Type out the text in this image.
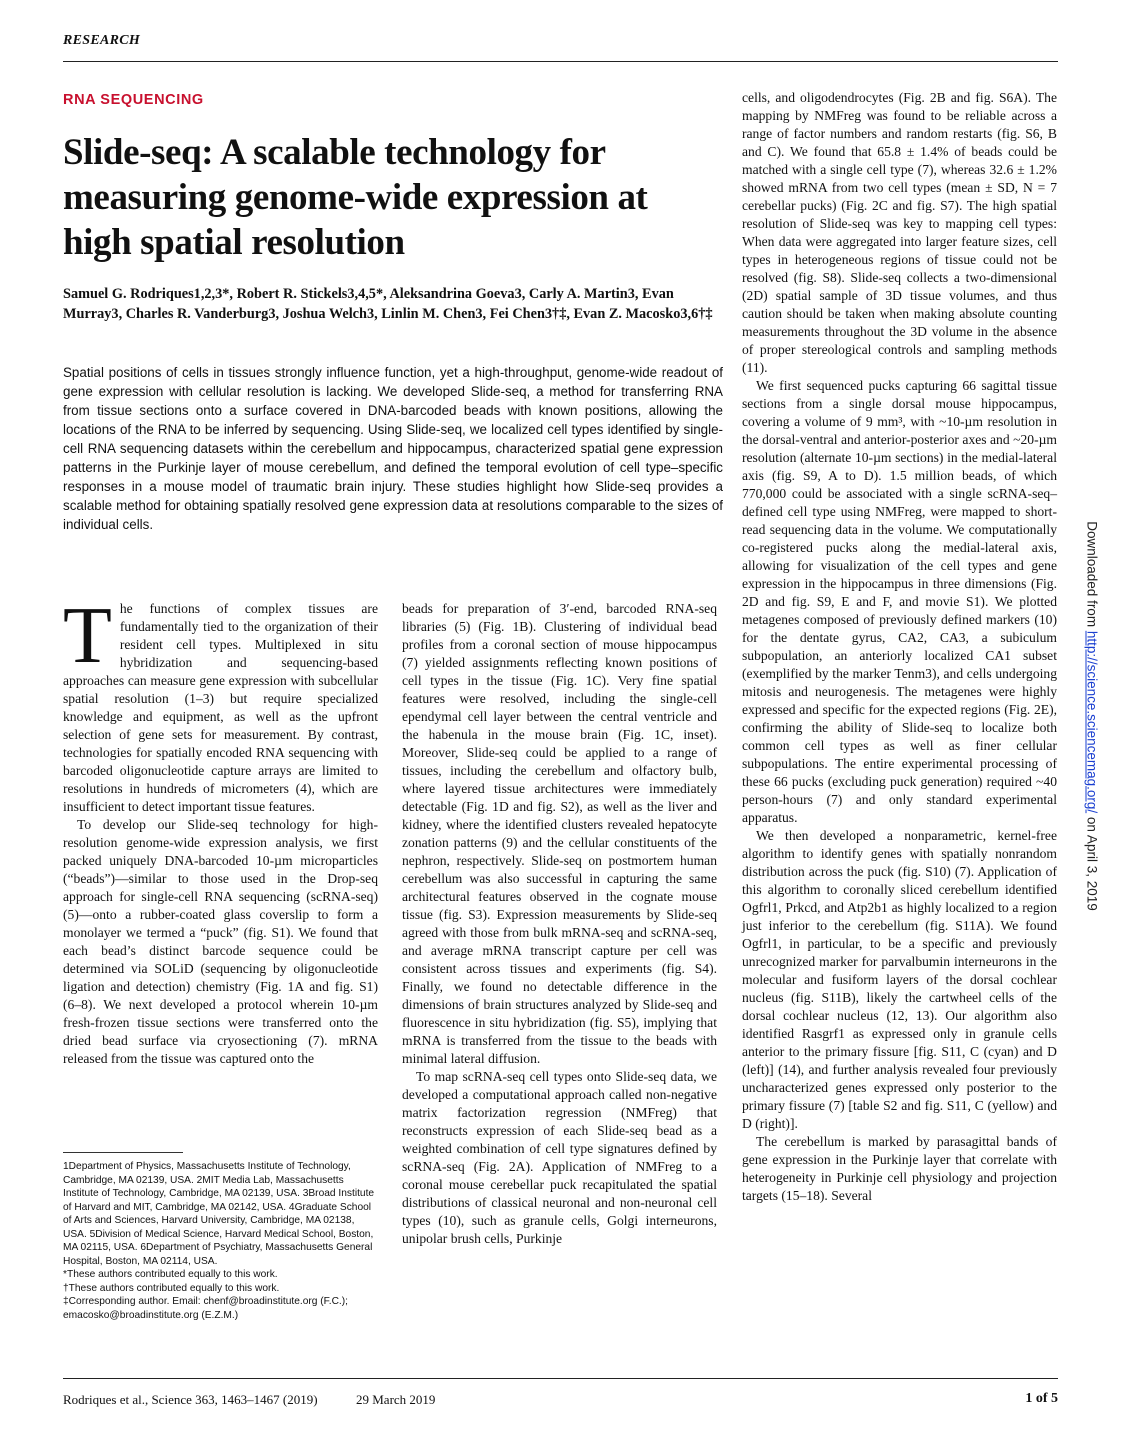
RESEARCH
RNA SEQUENCING
Slide-seq: A scalable technology for measuring genome-wide expression at high spatial resolution
Samuel G. Rodriques1,2,3*, Robert R. Stickels3,4,5*, Aleksandrina Goeva3, Carly A. Martin3, Evan Murray3, Charles R. Vanderburg3, Joshua Welch3, Linlin M. Chen3, Fei Chen3†‡, Evan Z. Macosko3,6†‡
Spatial positions of cells in tissues strongly influence function, yet a high-throughput, genome-wide readout of gene expression with cellular resolution is lacking. We developed Slide-seq, a method for transferring RNA from tissue sections onto a surface covered in DNA-barcoded beads with known positions, allowing the locations of the RNA to be inferred by sequencing. Using Slide-seq, we localized cell types identified by single-cell RNA sequencing datasets within the cerebellum and hippocampus, characterized spatial gene expression patterns in the Purkinje layer of mouse cerebellum, and defined the temporal evolution of cell type–specific responses in a mouse model of traumatic brain injury. These studies highlight how Slide-seq provides a scalable method for obtaining spatially resolved gene expression data at resolutions comparable to the sizes of individual cells.

The functions of complex tissues are fundamentally tied to the organization of their resident cell types. Multiplexed in situ hybridization and sequencing-based approaches can measure gene expression with subcellular spatial resolution (1–3) but require specialized knowledge and equipment, as well as the upfront selection of gene sets for measurement. By contrast, technologies for spatially encoded RNA sequencing with barcoded oligonucleotide capture arrays are limited to resolutions in hundreds of micrometers (4), which are insufficient to detect important tissue features.

To develop our Slide-seq technology for high-resolution genome-wide expression analysis, we first packed uniquely DNA-barcoded 10-µm microparticles (“beads”)—similar to those used in the Drop-seq approach for single-cell RNA sequencing (scRNA-seq) (5)—onto a rubber-coated glass coverslip to form a monolayer we termed a “puck” (fig. S1). We found that each bead’s distinct barcode sequence could be determined via SOLiD (sequencing by oligonucleotide ligation and detection) chemistry (Fig. 1A and fig. S1) (6–8). We next developed a protocol wherein 10-µm fresh-frozen tissue sections were transferred onto the dried bead surface via cryosectioning (7). mRNA released from the tissue was captured onto the

beads for preparation of 3′-end, barcoded RNA-seq libraries (5) (Fig. 1B). Clustering of individual bead profiles from a coronal section of mouse hippocampus (7) yielded assignments reflecting known positions of cell types in the tissue (Fig. 1C). Very fine spatial features were resolved, including the single-cell ependymal cell layer between the central ventricle and the habenula in the mouse brain (Fig. 1C, inset). Moreover, Slide-seq could be applied to a range of tissues, including the cerebellum and olfactory bulb, where layered tissue architectures were immediately detectable (Fig. 1D and fig. S2), as well as the liver and kidney, where the identified clusters revealed hepatocyte zonation patterns (9) and the cellular constituents of the nephron, respectively. Slide-seq on postmortem human cerebellum was also successful in capturing the same architectural features observed in the cognate mouse tissue (fig. S3). Expression measurements by Slide-seq agreed with those from bulk mRNA-seq and scRNA-seq, and average mRNA transcript capture per cell was consistent across tissues and experiments (fig. S4). Finally, we found no detectable difference in the dimensions of brain structures analyzed by Slide-seq and fluorescence in situ hybridization (fig. S5), implying that mRNA is transferred from the tissue to the beads with minimal lateral diffusion.

To map scRNA-seq cell types onto Slide-seq data, we developed a computational approach called non-negative matrix factorization regression (NMFreg) that reconstructs expression of each Slide-seq bead as a weighted combination of cell type signatures defined by scRNA-seq (Fig. 2A). Application of NMFreg to a coronal mouse cerebellar puck recapitulated the spatial distributions of classical neuronal and non-neuronal cell types (10), such as granule cells, Golgi interneurons, unipolar brush cells, Purkinje

cells, and oligodendrocytes (Fig. 2B and fig. S6A). The mapping by NMFreg was found to be reliable across a range of factor numbers and random restarts (fig. S6, B and C). We found that 65.8 ± 1.4% of beads could be matched with a single cell type (7), whereas 32.6 ± 1.2% showed mRNA from two cell types (mean ± SD, N = 7 cerebellar pucks) (Fig. 2C and fig. S7). The high spatial resolution of Slide-seq was key to mapping cell types: When data were aggregated into larger feature sizes, cell types in heterogeneous regions of tissue could not be resolved (fig. S8). Slide-seq collects a two-dimensional (2D) spatial sample of 3D tissue volumes, and thus caution should be taken when making absolute counting measurements throughout the 3D volume in the absence of proper stereological controls and sampling methods (11).

We first sequenced pucks capturing 66 sagittal tissue sections from a single dorsal mouse hippocampus, covering a volume of 9 mm³, with ~10-µm resolution in the dorsal-ventral and anterior-posterior axes and ~20-µm resolution (alternate 10-µm sections) in the medial-lateral axis (fig. S9, A to D). 1.5 million beads, of which 770,000 could be associated with a single scRNA-seq–defined cell type using NMFreg, were mapped to short-read sequencing data in the volume. We computationally co-registered pucks along the medial-lateral axis, allowing for visualization of the cell types and gene expression in the hippocampus in three dimensions (Fig. 2D and fig. S9, E and F, and movie S1). We plotted metagenes composed of previously defined markers (10) for the dentate gyrus, CA2, CA3, a subiculum subpopulation, an anteriorly localized CA1 subset (exemplified by the marker Tenm3), and cells undergoing mitosis and neurogenesis. The metagenes were highly expressed and specific for the expected regions (Fig. 2E), confirming the ability of Slide-seq to localize both common cell types as well as finer cellular subpopulations. The entire experimental processing of these 66 pucks (excluding puck generation) required ~40 person-hours (7) and only standard experimental apparatus.

We then developed a nonparametric, kernel-free algorithm to identify genes with spatially nonrandom distribution across the puck (fig. S10) (7). Application of this algorithm to coronally sliced cerebellum identified Ogfrl1, Prkcd, and Atp2b1 as highly localized to a region just inferior to the cerebellum (fig. S11A). We found Ogfrl1, in particular, to be a specific and previously unrecognized marker for parvalbumin interneurons in the molecular and fusiform layers of the dorsal cochlear nucleus (fig. S11B), likely the cartwheel cells of the dorsal cochlear nucleus (12, 13). Our algorithm also identified Rasgrf1 as expressed only in granule cells anterior to the primary fissure [fig. S11, C (cyan) and D (left)] (14), and further analysis revealed four previously uncharacterized genes expressed only posterior to the primary fissure (7) [table S2 and fig. S11, C (yellow) and D (right)].

The cerebellum is marked by parasagittal bands of gene expression in the Purkinje layer that correlate with heterogeneity in Purkinje cell physiology and projection targets (15–18). Several

1Department of Physics, Massachusetts Institute of Technology, Cambridge, MA 02139, USA. 2MIT Media Lab, Massachusetts Institute of Technology, Cambridge, MA 02139, USA. 3Broad Institute of Harvard and MIT, Cambridge, MA 02142, USA. 4Graduate School of Arts and Sciences, Harvard University, Cambridge, MA 02138, USA. 5Division of Medical Science, Harvard Medical School, Boston, MA 02115, USA. 6Department of Psychiatry, Massachusetts General Hospital, Boston, MA 02114, USA.
*These authors contributed equally to this work.
†These authors contributed equally to this work.
‡Corresponding author. Email: chenf@broadinstitute.org (F.C.); emacosko@broadinstitute.org (E.Z.M.)
Rodriques et al., Science 363, 1463–1467 (2019)	29 March 2019	1 of 5
Downloaded from http://science.sciencemag.org/ on April 3, 2019
